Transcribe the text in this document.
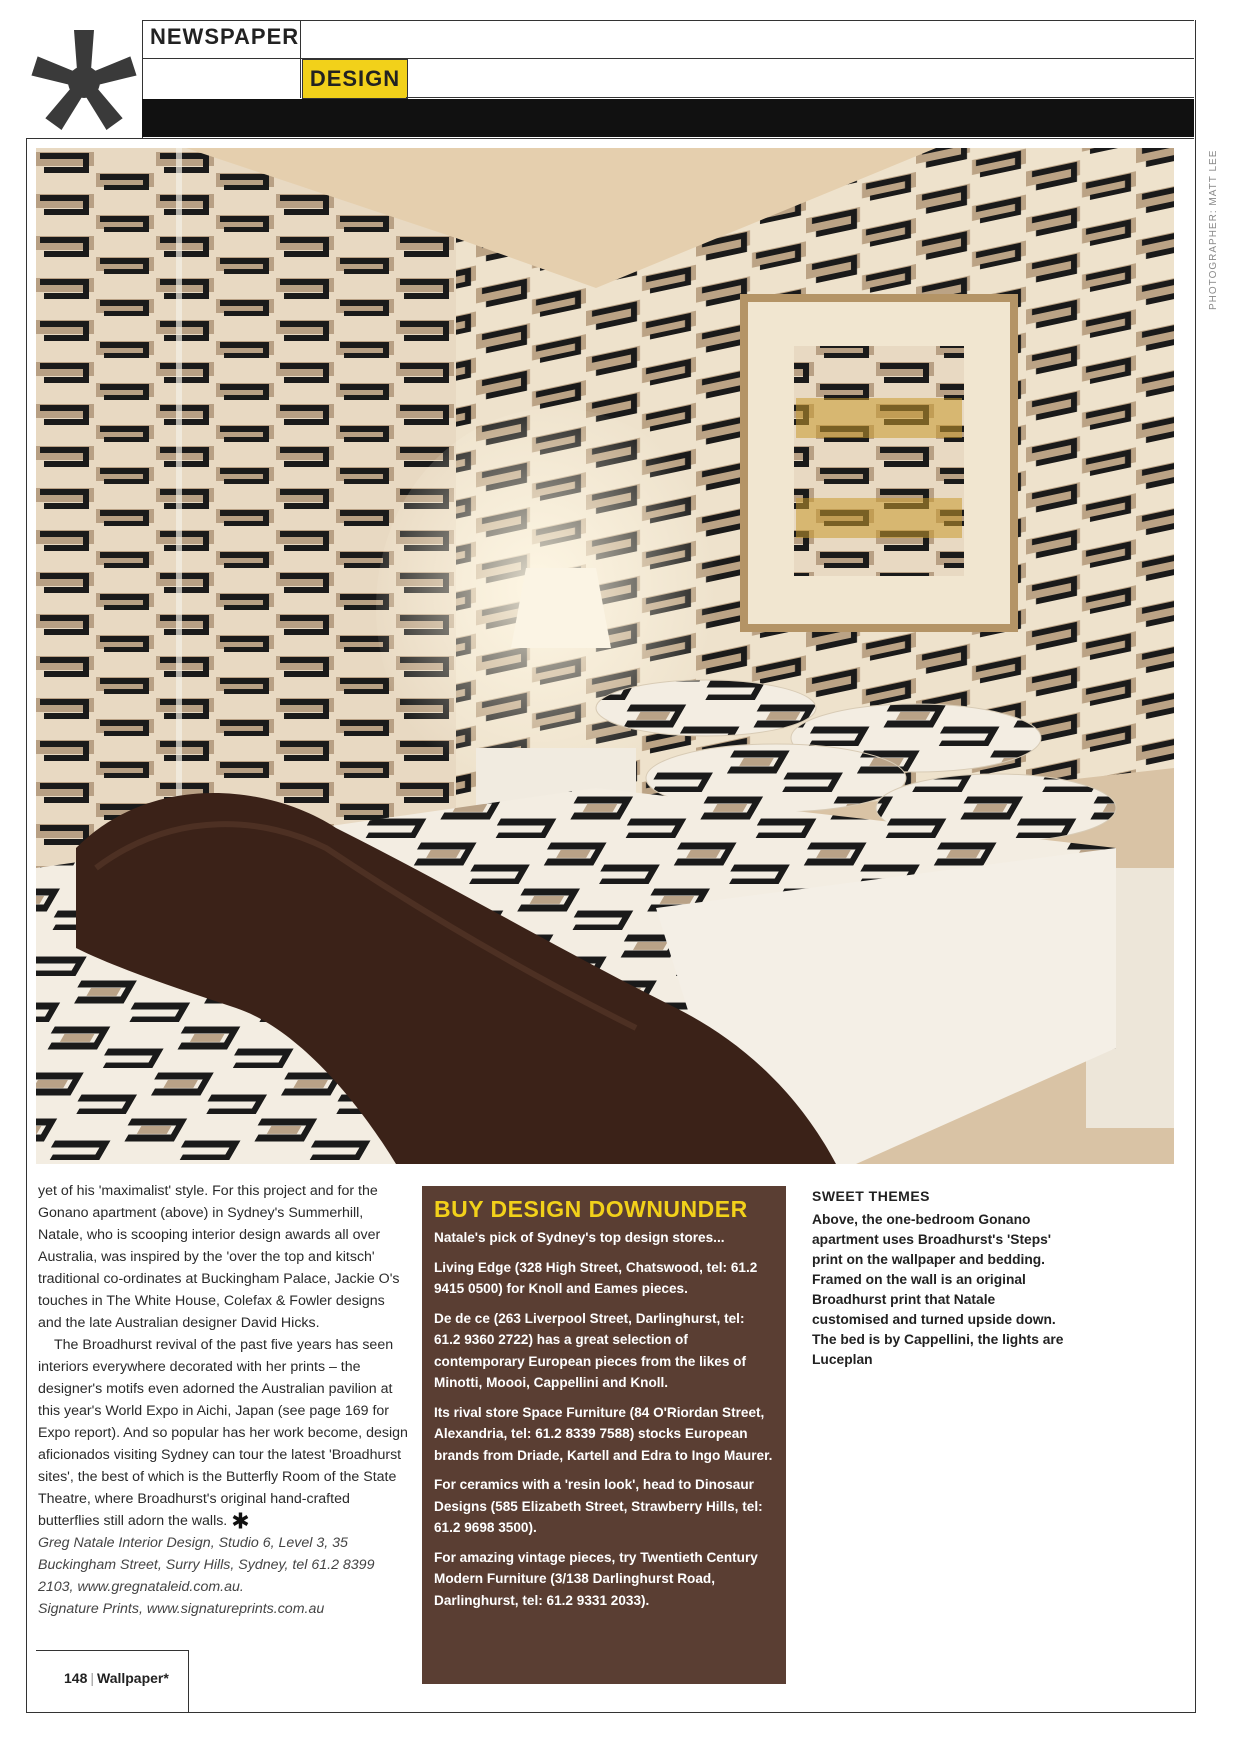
NEWSPAPER
DESIGN
PHOTOGRAPHER: MATT LEE

yet of his 'maximalist' style. For this project and for the Gonano apartment (above) in Sydney's Summerhill, Natale, who is scooping interior design awards all over Australia, was inspired by the 'over the top and kitsch' traditional co-ordinates at Buckingham Palace, Jackie O's touches in The White House, Colefax & Fowler designs and the late Australian designer David Hicks.

The Broadhurst revival of the past five years has seen interiors everywhere decorated with her prints – the designer's motifs even adorned the Australian pavilion at this year's World Expo in Aichi, Japan (see page 169 for Expo report). And so popular has her work become, design aficionados visiting Sydney can tour the latest 'Broadhurst sites', the best of which is the Butterfly Room of the State Theatre, where Broadhurst's original hand-crafted butterflies still adorn the walls. ✱

Greg Natale Interior Design, Studio 6, Level 3, 35 Buckingham Street, Surry Hills, Sydney, tel 61.2 8399 2103, www.gregnataleid.com.au.

Signature Prints, www.signatureprints.com.au

BUY DESIGN DOWNUNDER

Natale's pick of Sydney's top design stores...

Living Edge (328 High Street, Chatswood, tel: 61.2 9415 0500) for Knoll and Eames pieces.

De de ce (263 Liverpool Street, Darlinghurst, tel: 61.2 9360 2722) has a great selection of contemporary European pieces from the likes of Minotti, Moooi, Cappellini and Knoll.

Its rival store Space Furniture (84 O'Riordan Street, Alexandria, tel: 61.2 8339 7588) stocks European brands from Driade, Kartell and Edra to Ingo Maurer.

For ceramics with a 'resin look', head to Dinosaur Designs (585 Elizabeth Street, Strawberry Hills, tel: 61.2 9698 3500).

For amazing vintage pieces, try Twentieth Century Modern Furniture (3/138 Darlinghurst Road, Darlinghurst, tel: 61.2 9331 2033).

SWEET THEMES

Above, the one-bedroom Gonano apartment uses Broadhurst's 'Steps' print on the wallpaper and bedding. Framed on the wall is an original Broadhurst print that Natale customised and turned upside down. The bed is by Cappellini, the lights are Luceplan

148 | Wallpaper*
